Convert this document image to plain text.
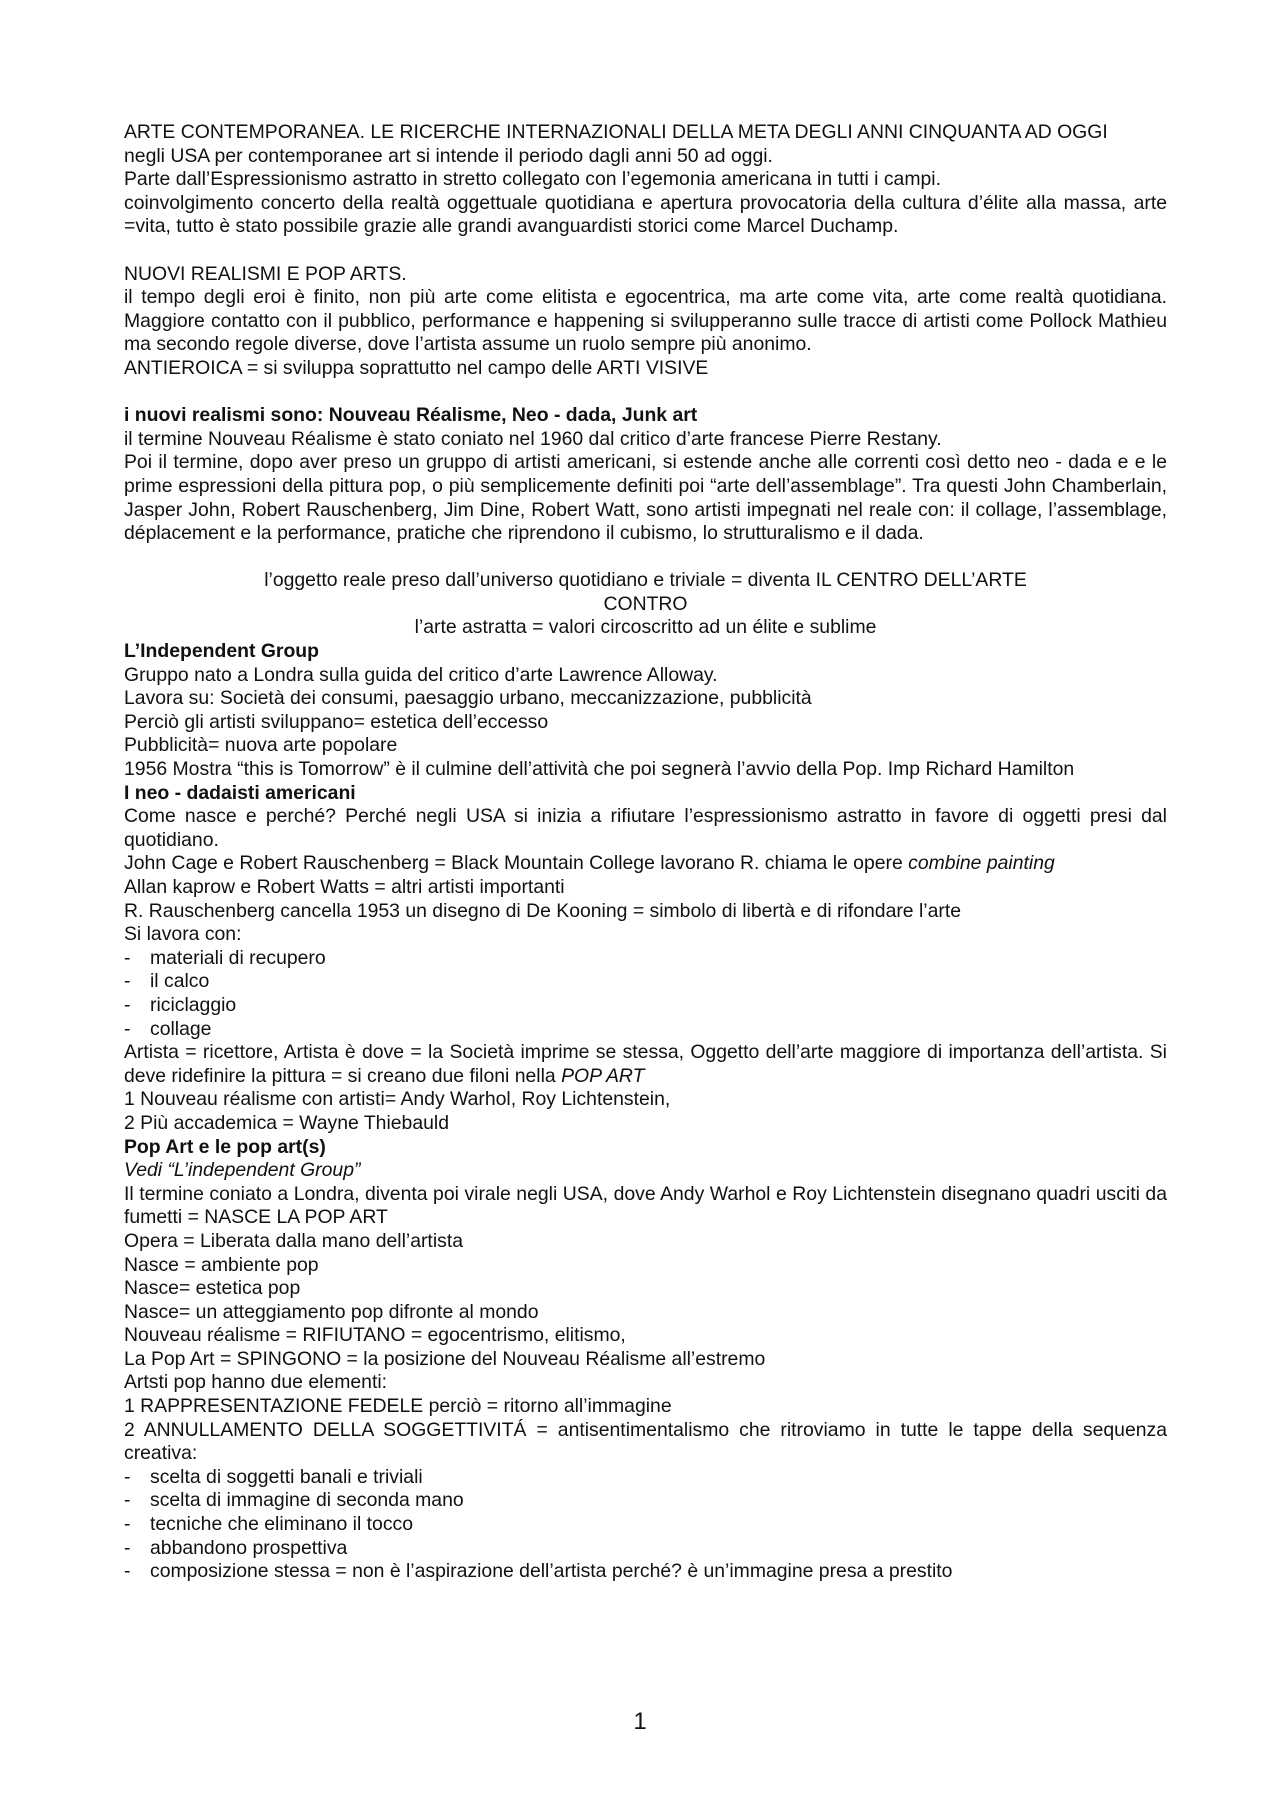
ARTE CONTEMPORANEA. LE RICERCHE INTERNAZIONALI DELLA META DEGLI ANNI CINQUANTA AD OGGI

negli USA per contemporanee art si intende il periodo dagli anni 50 ad oggi.

Parte dall’Espressionismo astratto in stretto collegato con l’egemonia americana in tutti i campi.

coinvolgimento concerto della realtà oggettuale quotidiana e apertura provocatoria della cultura d’élite alla massa, arte =vita, tutto è stato possibile grazie alle grandi avanguardisti storici come Marcel Duchamp.

NUOVI REALISMI E POP ARTS.

il tempo degli eroi è finito, non più arte come elitista e egocentrica, ma arte come vita, arte come realtà quotidiana. Maggiore contatto con il pubblico, performance e happening si svilupperanno sulle tracce di artisti come Pollock Mathieu ma secondo regole diverse, dove l’artista assume un ruolo sempre più anonimo.

ANTIEROICA = si sviluppa soprattutto nel campo delle ARTI VISIVE

i nuovi realismi sono: Nouveau Réalisme, Neo - dada, Junk art

il termine Nouveau Réalisme è stato coniato nel 1960 dal critico d’arte francese Pierre Restany.

Poi il termine, dopo aver preso un gruppo di artisti americani, si estende anche alle correnti così detto neo - dada e e le prime espressioni della pittura pop, o più semplicemente definiti poi “arte dell’assemblage”. Tra questi John Chamberlain, Jasper John, Robert Rauschenberg, Jim Dine, Robert Watt, sono artisti impegnati nel reale con: il collage, l’assemblage, déplacement e la performance, pratiche che riprendono il cubismo, lo strutturalismo e il dada.

l’oggetto reale preso dall’universo quotidiano e triviale = diventa IL CENTRO DELL’ARTE

CONTRO

l’arte astratta = valori circoscritto ad un élite e sublime

L’Independent Group

Gruppo nato a Londra sulla guida del critico d’arte Lawrence Alloway.

Lavora su: Società dei consumi, paesaggio urbano, meccanizzazione, pubblicità

Perciò gli artisti sviluppano= estetica dell’eccesso

Pubblicità= nuova arte popolare

1956 Mostra “this is Tomorrow” è il culmine dell’attività che poi segnerà l’avvio della Pop. Imp Richard Hamilton

I neo - dadaisti americani

Come nasce e perché? Perché negli USA si inizia a rifiutare l’espressionismo astratto in favore di oggetti presi dal quotidiano.

John Cage e Robert Rauschenberg = Black Mountain College lavorano R. chiama le opere combine painting

Allan kaprow e Robert Watts = altri artisti importanti

R. Rauschenberg cancella 1953 un disegno di De Kooning = simbolo di libertà e di rifondare l’arte

Si lavora con:

- materiali di recupero
- il calco
- riciclaggio
- collage

Artista = ricettore, Artista è dove = la Società imprime se stessa, Oggetto dell’arte maggiore di importanza dell’artista. Si deve ridefinire la pittura = si creano due filoni nella POP ART

1 Nouveau réalisme con artisti= Andy Warhol, Roy Lichtenstein,

2 Più accademica = Wayne Thiebauld

Pop Art e le pop art(s)

Vedi “L’independent Group”

Il termine coniato a Londra, diventa poi virale negli USA, dove Andy Warhol e Roy Lichtenstein disegnano quadri usciti da fumetti = NASCE LA POP ART

Opera = Liberata dalla mano dell’artista

Nasce = ambiente pop

Nasce= estetica pop

Nasce= un atteggiamento pop difronte al mondo

Nouveau réalisme = RIFIUTANO = egocentrismo, elitismo,

La Pop Art = SPINGONO = la posizione del Nouveau Réalisme all’estremo

Artsti pop hanno due elementi:

1 RAPPRESENTAZIONE FEDELE perciò = ritorno all’immagine

2 ANNULLAMENTO DELLA SOGGETTIVITÁ = antisentimentalismo che ritroviamo in tutte le tappe della sequenza creativa:

- scelta di soggetti banali e triviali
- scelta di immagine di seconda mano
- tecniche che eliminano il tocco
- abbandono prospettiva
- composizione stessa = non è l’aspirazione dell’artista perché? è un’immagine presa a prestito
1
